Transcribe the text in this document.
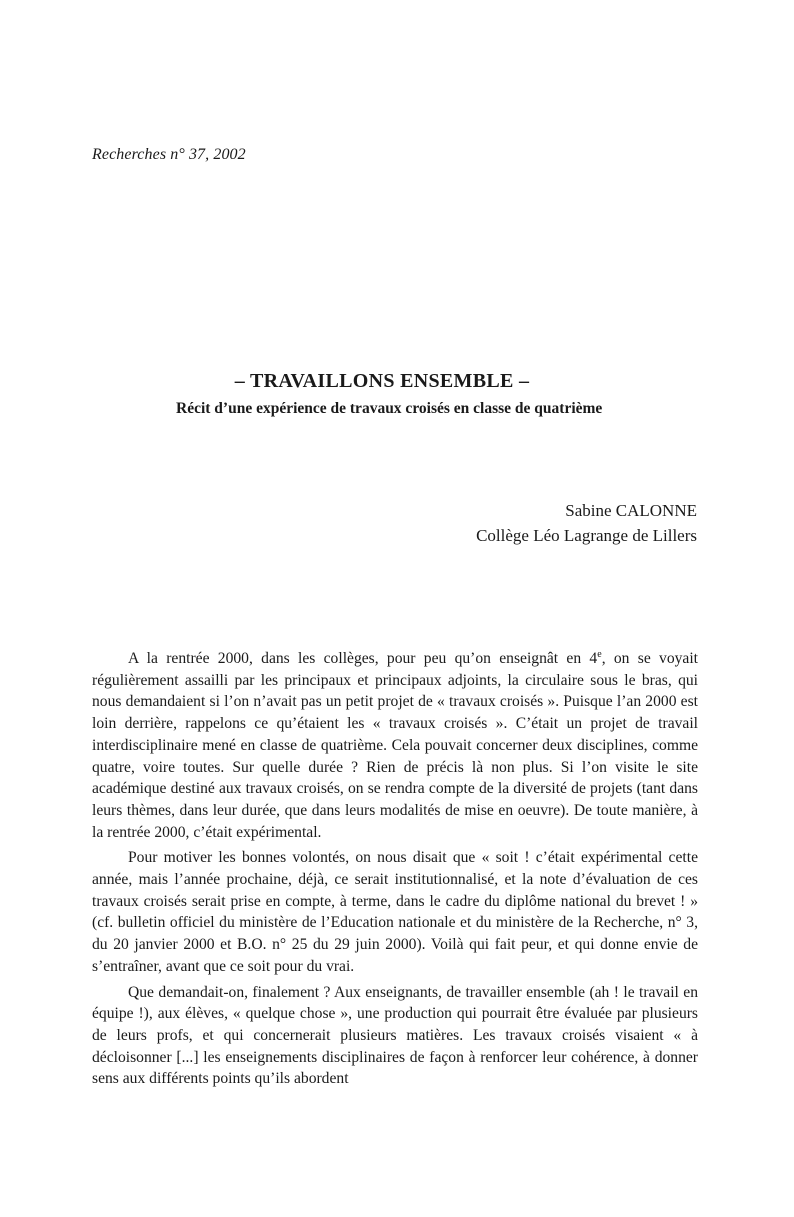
Recherches n° 37, 2002
– TRAVAILLONS ENSEMBLE –
Récit d’une expérience de travaux croisés en classe de quatrième
Sabine CALONNE
Collège Léo Lagrange de Lillers

A la rentrée 2000, dans les collèges, pour peu qu’on enseignât en 4e, on se voyait régulièrement assailli par les principaux et principaux adjoints, la circulaire sous le bras, qui nous demandaient si l’on n’avait pas un petit projet de « travaux croisés ». Puisque l’an 2000 est loin derrière, rappelons ce qu’étaient les « travaux croisés ». C’était un projet de travail interdisciplinaire mené en classe de quatrième. Cela pouvait concerner deux disciplines, comme quatre, voire toutes. Sur quelle durée ? Rien de précis là non plus. Si l’on visite le site académique destiné aux travaux croisés, on se rendra compte de la diversité de projets (tant dans leurs thèmes, dans leur durée, que dans leurs modalités de mise en oeuvre). De toute manière, à la rentrée 2000, c’était expérimental.

Pour motiver les bonnes volontés, on nous disait que « soit ! c’était expérimental cette année, mais l’année prochaine, déjà, ce serait institutionnalisé, et la note d’évaluation de ces travaux croisés serait prise en compte, à terme, dans le cadre du diplôme national du brevet ! » (cf. bulletin officiel du ministère de l’Education nationale et du ministère de la Recherche, n° 3, du 20 janvier 2000 et B.O. n° 25 du 29 juin 2000). Voilà qui fait peur, et qui donne envie de s’entraîner, avant que ce soit pour du vrai.

Que demandait-on, finalement ? Aux enseignants, de travailler ensemble (ah ! le travail en équipe !), aux élèves, « quelque chose », une production qui pourrait être évaluée par plusieurs de leurs profs, et qui concernerait plusieurs matières. Les travaux croisés visaient « à décloisonner [...] les enseignements disciplinaires de façon à renforcer leur cohérence, à donner sens aux différents points qu’ils abordent
